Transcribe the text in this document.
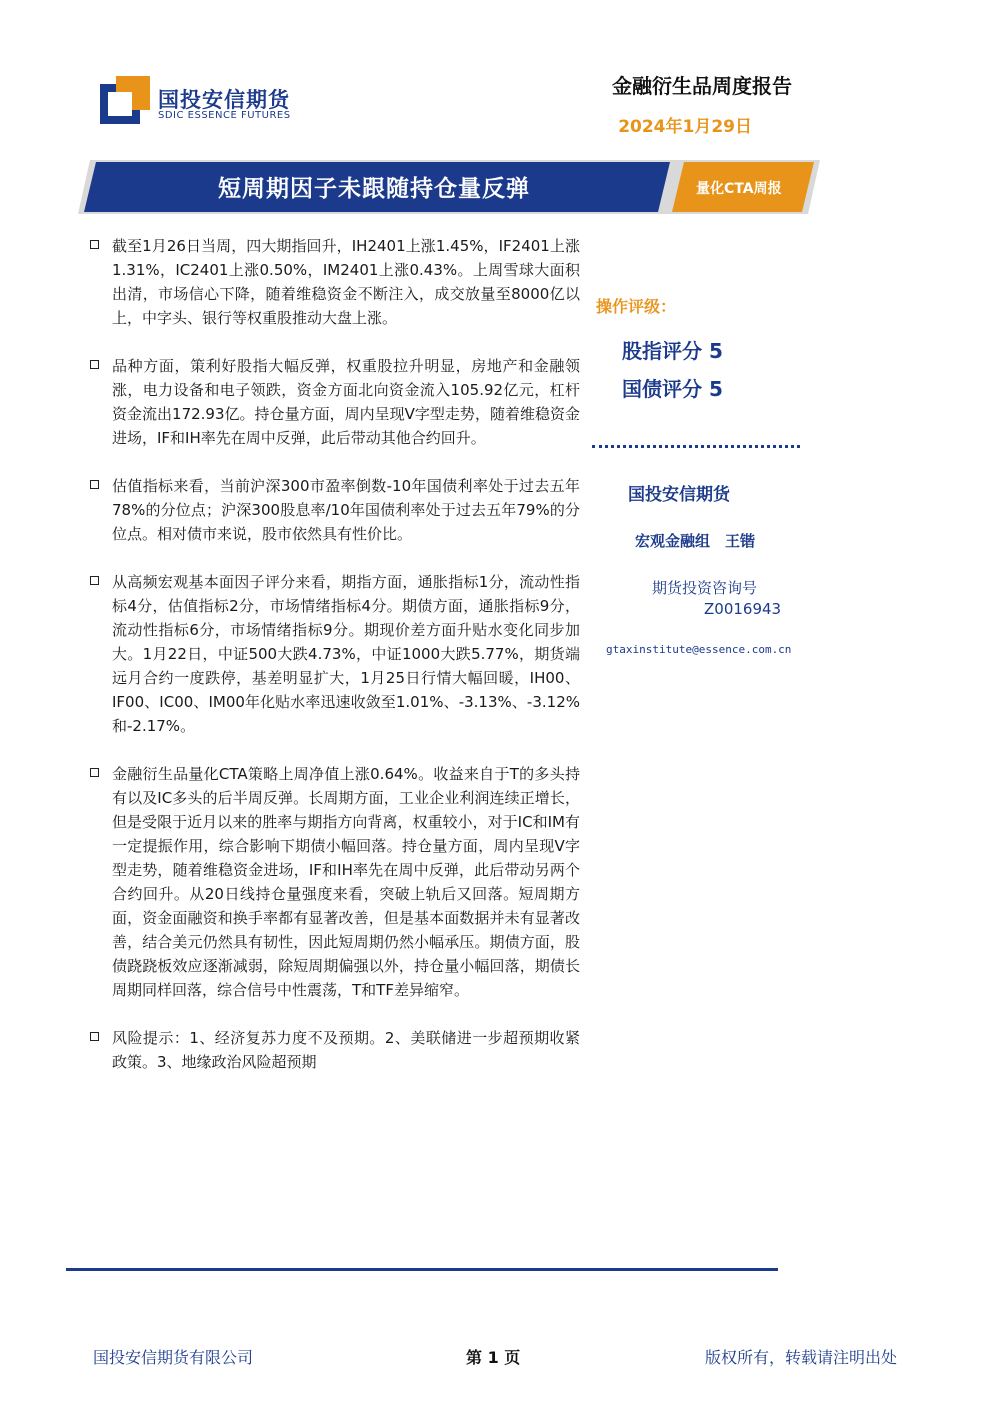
国投安信期货
SDIC ESSENCE FUTURES
金融衍生品周度报告
2024年1月29日
短周期因子未跟随持仓量反弹	量化CTA周报
截至1月26日当周，四大期指回升，IH2401上涨1.45%，IF2401上涨1.31%，IC2401上涨0.50%，IM2401上涨0.43%。上周雪球大面积出清，市场信心下降，随着维稳资金不断注入，成交放量至8000亿以上，中字头、银行等权重股推动大盘上涨。
品种方面，策利好股指大幅反弹，权重股拉升明显，房地产和金融领涨，电力设备和电子领跌，资金方面北向资金流入105.92亿元，杠杆资金流出172.93亿。持仓量方面，周内呈现V字型走势，随着维稳资金进场，IF和IH率先在周中反弹，此后带动其他合约回升。
估值指标来看，当前沪深300市盈率倒数-10年国债利率处于过去五年78%的分位点；沪深300股息率/10年国债利率处于过去五年79%的分位点。相对债市来说，股市依然具有性价比。
从高频宏观基本面因子评分来看，期指方面，通胀指标1分，流动性指标4分，估值指标2分，市场情绪指标4分。期债方面，通胀指标9分，流动性指标6分，市场情绪指标9分。期现价差方面升贴水变化同步加大。1月22日，中证500大跌4.73%，中证1000大跌5.77%，期货端远月合约一度跌停，基差明显扩大，1月25日行情大幅回暖，IH00、IF00、IC00、IM00年化贴水率迅速收敛至1.01%、-3.13%、-3.12%和-2.17%。
金融衍生品量化CTA策略上周净值上涨0.64%。收益来自于T的多头持有以及IC多头的后半周反弹。长周期方面，工业企业利润连续正增长，但是受限于近月以来的胜率与期指方向背离，权重较小，对于IC和IM有一定提振作用，综合影响下期债小幅回落。持仓量方面，周内呈现V字型走势，随着维稳资金进场，IF和IH率先在周中反弹，此后带动另两个合约回升。从20日线持仓量强度来看，突破上轨后又回落。短周期方面，资金面融资和换手率都有显著改善，但是基本面数据并未有显著改善，结合美元仍然具有韧性，因此短周期仍然小幅承压。期债方面，股债跷跷板效应逐渐减弱，除短周期偏强以外，持仓量小幅回落，期债长周期同样回落，综合信号中性震荡，T和TF差异缩窄。
风险提示：1、经济复苏力度不及预期。2、美联储进一步超预期收紧政策。3、地缘政治风险超预期
操作评级：
股指评分 5
国债评分 5
国投安信期货
宏观金融组　王锴
期货投资咨询号
Z0016943
gtaxinstitute@essence.com.cn
国投安信期货有限公司	第 1 页	版权所有，转载请注明出处
